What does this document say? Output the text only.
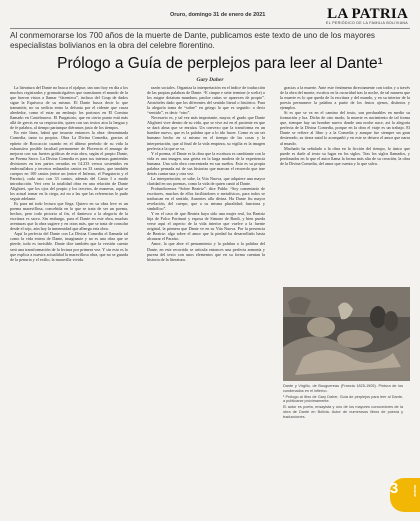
Oruro, domingo 31 de enero de 2021	LA PATRIA
EL PERIÓDICO DE LA FAMILIA BOLIVIANA
Al conmemorarse los 700 años de la muerte de Dante, publicamos este texto de uno de los mayores especialistas bolivianos en la obra del celebre florentino.
Prólogo a Guía de perplejos para leer al Dante¹
Gary Daher

La literatura del Dante no busca el ojalpue, tan raro hoy en día a los muchos registrados y gramaticógafeos que transitaron el mundo de la que fueron vistos a llamar “fácenteca”, incluso del Coup de dados sigue la Equivoca de su mismo. El Dante busca decir lo que transmitir, no su sedícia entro la defunta por el ridente que cruza alrededor, como el estar un embrujo los portosos en El Comino llamado en Castelnuovo. El Purgatorio, que en cierto punto está más allá de grecis en su respiración, quien con sus textos atra la lengua y de fe palabra, al tiempo pariunque diéramos justo de los tiempos.

En este línea, habrá que insurtar entonces la obra: denominada Comedia, tanto tu propios. Obra La Divina Comedia, gracias al epíteto de Boccaccio cuando en el último peréodo de su vida la exhaustiva posible facultad permanente de Florencia el amargo de mejorar con sus fuertes gráficas de esta obra, según el propio Dante, un Poema Sacro. La Divina Comedia es para sus internas gamiendas divisiones en tres partes cerradas en 14.233 versos sostenidos en endecasílabos y tercetos enlazados cantos en 33 cantos, que también cuerpos en 100 cantos (entre un (entre el Inferno, el Purgatorio y el Paraíso), cada uno con 33 cantos, además del Canto I a modo introducción. Vert cero la totalidad obra en una relación de Dante Alighieri, que los ojos del propio y los tercetos, de maneras, aquí se los actual tomar en la ciega, así no a las que las referencias le pudo seguir adelante.

Es para mí todo lectura que llega. Quiero en su obra leve es un poema maravillosa, concebida en lo que se trata de ser un poema, hechos, pero todo pictoria al fin, el dantesco a la alegoría de la escritura es sacro. Sin embargo, para el Dante en este obra, muchas aventuras que la obra sugiere y en otras más, que se trata de consolar desde el rojo, aún hoy la inmensidad que alberga esta obra.

Aquí la perfecta del Dante con La Divina Comedia el llamada tal como la vida entera de Dante, imaginaste y no es una obra que se pierde, todo es invisible. Dante dice también que la versión cuento será una transformación de la lectura por primera vez. Y sin esto es lo que explica a nuestra actualidad la maravillosa obra, que no se guarda de la penuria y el exilio, la maravilla vivida.

razón sociales. Organiza la interpretación en el índice de traducción de las propias palabras de Dante. “E cinque e sette termine (e scelte) o los asigne dotatum mundum, pauloe ruitas se aparecen de propio”. Aristóteles dado que los diferentes del sentido literal o histórico. Para la alegoría toma de “sobre” en griego la que es seguido: a decir “sentido”, es decir “otro”.

Necesario es, y tal vez más importante, mayor, el grado que Dante Alighieri vive dentro de su vida, que se vive así en el paciente en que se dará alma que se enraíza. Un convexo que la transforma en un hombre nuevo, que es la palabra que a lo ido hacer. Como es un ser humano hecho en si mismo en el tiempo de las cosas y la interpretación, que al final de la vida empieza, su vigilia es la imagen perfecta a la que se va.

Y el poema, el Dante es la obra que la escritura es cambiante con la vida es una imagen, una grieta en la larga madera de la experiencia humana. Una sola obra concentrada en sus sueños. Esto es su propia palabra pensada así de sus historias que marcan el recuerdo que trae detrás cantar una y otra vez.

La interpretación, se sabe, la Vita Nuova, que adquiere una mayor claridad en sus poemas, como la vida de quien cantó al Dante.

Profundicemos “Sobre Beatriz”: dice Pablo: “Soy comentario de escritores, muchos de ellos facilitadores o metafísicos, para todos se traduzcan en el sentido, Ausentes alla divina. Ha Dante fiu mayor revelación, del cuerpo, que a su misma pluralidad; funciona y simbólico”.

Y en el caso de que Beatriz haya sido una mujer real, los Beatriz hija de Folco Portinari y esposa de Simone de Bardi, y bien pueda verse aquí el aspecto de la vida interior que vuelve a la fuente original, la primera que Dante ve en su Vita Nuova. Por la presencia de Beatriz: algo sobre el amor que la piedad ha desarrollado hasta alcanzar el Paraíso.

Amor, la que abre el pensamiento y la palabra a la palabra del Dante, en este recorrido se articula entonces una perfecta armonía y pureza del texto con unos elementos que en su forma cuentan la historia de la literatura.

gracias a la muerte. Ante este fenómeno directamente con todos y a través de la obra del monte, escritos en la oscuridad tras la noche, de tal manera que la muerte es lo que queda de la escritura y del mundo, y en su interior de la poesía permanece la palabra a partir de los frutos ajenos, distintos y ejemplos.

Si es que se va en el camino del texto, son perdurables en medio su formación y luz. Dicho de otro modo, la muerte es nacimiento de tal forma que, siempre hay un hombre nuevo donde una noche nace, así la alegoría perfecta de la Divina Comedia, porque en la obra el viaje es un trabajo. El Dante se refiere al libro y a la Comedia y aunque fue siempre un gran desterrado, su tierra natal lo acompañó y en este se detuvo el amor que narra al mundo.

Machado ha señalado a la obra en la ficción del tiempo, lo único que puede es darle al texto su lugar en los siglos. Tras los siglos llamados, y perdonados en lo que el autor llama la forma más alta de su creación, la obra de la Divina Comedia, del amor que cuenta y lo que salva.

Dante y Virgilio, de Bouguereau (Francia 1825-1905). Pintura de los condenados en el infierno.

¹ Prólogo al libro de Gary Daher, Guía de perplejos para leer al Dante, a publicarse próximamente.

El autor es poeta, ensayista y uno de los mayores conocedores de la obra de Dante en Bolivia. Autor de numerosos libros de poesía y traducciones.

3	antena
